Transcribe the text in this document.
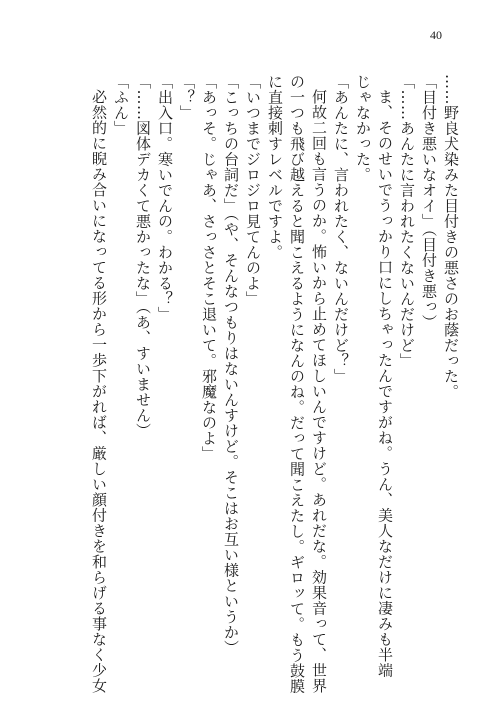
40
……野良犬染みた目付きの悪さのお蔭だった。
「目付き悪いなオイ」（目付き悪っ）
「……あんたに言われたくないんだけど」
ま、そのせいでうっかり口にしちゃったんですがね。うん、美人なだけに凄みも半端
じゃなかった。
「あんたに、言われたく、ないんだけど？」
何故二回も言うのか。怖いから止めてほしいんですけど。あれだな。効果音って、世界
の一つも飛び越えると聞こえるようになんのね。だって聞こえたし。ギロッて。もう鼓膜
に直接刺すレベルですよ。
「いつまでジロジロ見てんのよ」
「こっちの台詞だ」（や、そんなつもりはないんすけど。そこはお互い様というか）
「あっそ。じゃあ、さっさとそこ退いて。邪魔なのよ」
「？」
「出入口。寒いでんの。わかる？」
「……図体デカくて悪かったな」（あ、すいません）
「ふん」
必然的に睨み合いになってる形から一歩下がれば、厳しい顔付きを和らげる事なく少女
